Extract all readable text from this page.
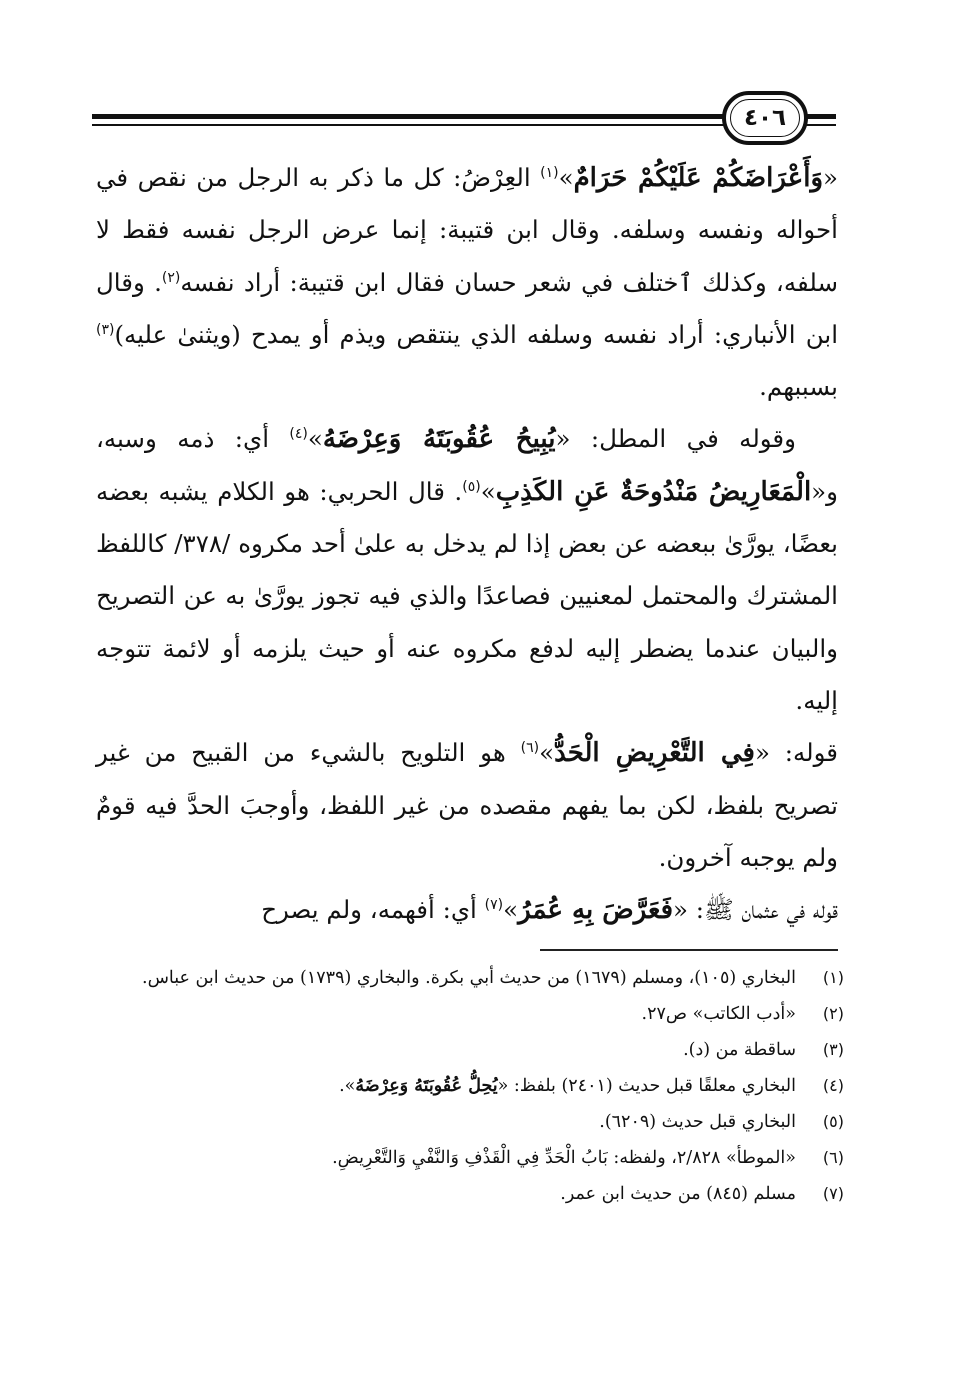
٤٠٦

«وَأَعْرَاضَكُمْ عَلَيْكُمْ حَرَامٌ»$^{(١)}$ العِرْضُ: كل ما ذكر به الرجل من نقص في أحواله ونفسه وسلفه. وقال ابن قتيبة: إنما عرض الرجل نفسه فقط لا سلفه، وكذلك ٱختلف في شعر حسان فقال ابن قتيبة: أراد نفسه$^{(٢)}$. وقال ابن الأنباري: أراد نفسه وسلفه الذي ينتقص ويذم أو يمدح (ويثنىٰ عليه)$^{(٣)}$ بسببهم.

وقوله في المطل: «يُبِيحُ عُقُوبَتَهُ وَعِرْضَهُ»$^{(٤)}$ أي: ذمه وسبه، و«الْمَعَارِيضُ مَنْدُوحَةٌ عَنِ الكَذِبِ»$^{(٥)}$. قال الحربي: هو الكلام يشبه بعضه بعضًا، يورَّىٰ ببعضه عن بعض إذا لم يدخل به علىٰ أحد مكروه /٣٧٨/ كاللفظ المشترك والمحتمل لمعنيين فصاعدًا والذي فيه تجوز يورَّىٰ به عن التصريح والبيان عندما يضطر إليه لدفع مكروه عنه أو حيث يلزمه أو لائمة تتوجه إليه.

قوله: «فِي التَّعْرِيضِ الْحَدُّ»$^{(٦)}$ هو التلويح بالشيء من القبيح من غير تصريح بلفظ، لكن بما يفهم مقصده من غير اللفظ، وأوجبَ الحدَّ فيه قومٌ ولم يوجبه آخرون.

قوله في عثمان ﷺ: «فَعَرَّضَ بِهِ عُمَرُ»$^{(٧)}$ أي: أفهمه، ولم يصرح

(١)
البخاري (١٠٥)، ومسلم (١٦٧٩) من حديث أبي بكرة. والبخاري (١٧٣٩) من حديث ابن عباس.
(٢)
«أدب الكاتب» ص٢٧.
(٣)
ساقطة من (د).
(٤)
البخاري معلقًا قبل حديث (٢٤٠١) بلفظ: «يُحِلُّ عُقُوبَتَهُ وَعِرْضَهُ».
(٥)
البخاري قبل حديث (٦٢٠٩).
(٦)
«الموطأ» ٢/٨٢٨، ولفظه: بَابُ الْحَدِّ فِي الْقَذْفِ وَالنَّفْيِ وَالتَّعْرِيضِ.
(٧)
مسلم (٨٤٥) من حديث ابن عمر.
